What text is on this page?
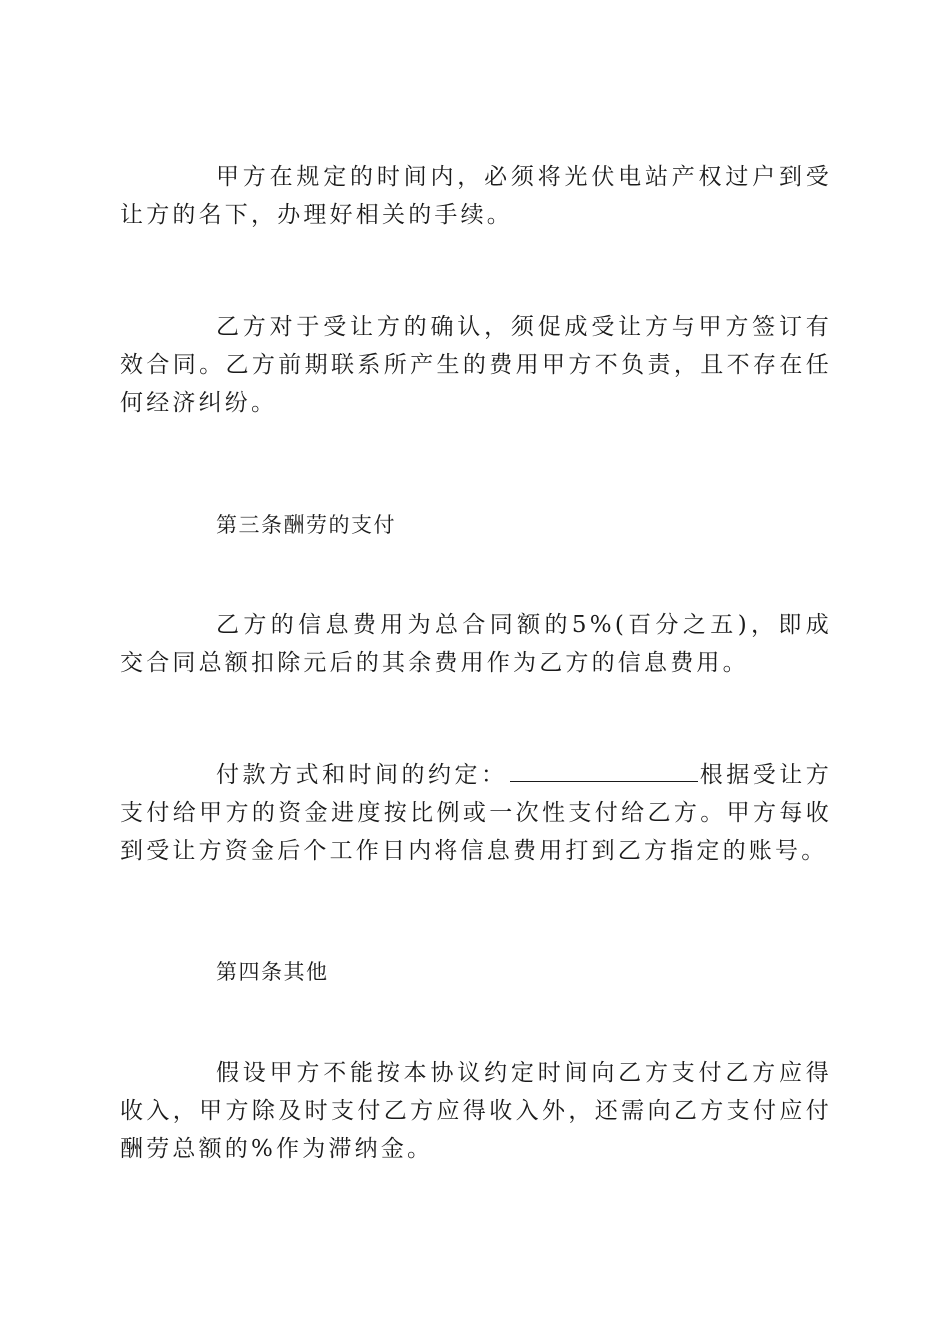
甲方在规定的时间内，必须将光伏电站产权过户到受让方的名下，办理好相关的手续。

乙方对于受让方的确认，须促成受让方与甲方签订有效合同。乙方前期联系所产生的费用甲方不负责，且不存在任何经济纠纷。

第三条酬劳的支付

乙方的信息费用为总合同额的5%(百分之五)，即成交合同总额扣除元后的其余费用作为乙方的信息费用。

付款方式和时间的约定：	根据受让方支付给甲方的资金进度按比例或一次性支付给乙方。甲方每收到受让方资金后个工作日内将信息费用打到乙方指定的账号。

第四条其他

假设甲方不能按本协议约定时间向乙方支付乙方应得收入，甲方除及时支付乙方应得收入外，还需向乙方支付应付酬劳总额的%作为滞纳金。
